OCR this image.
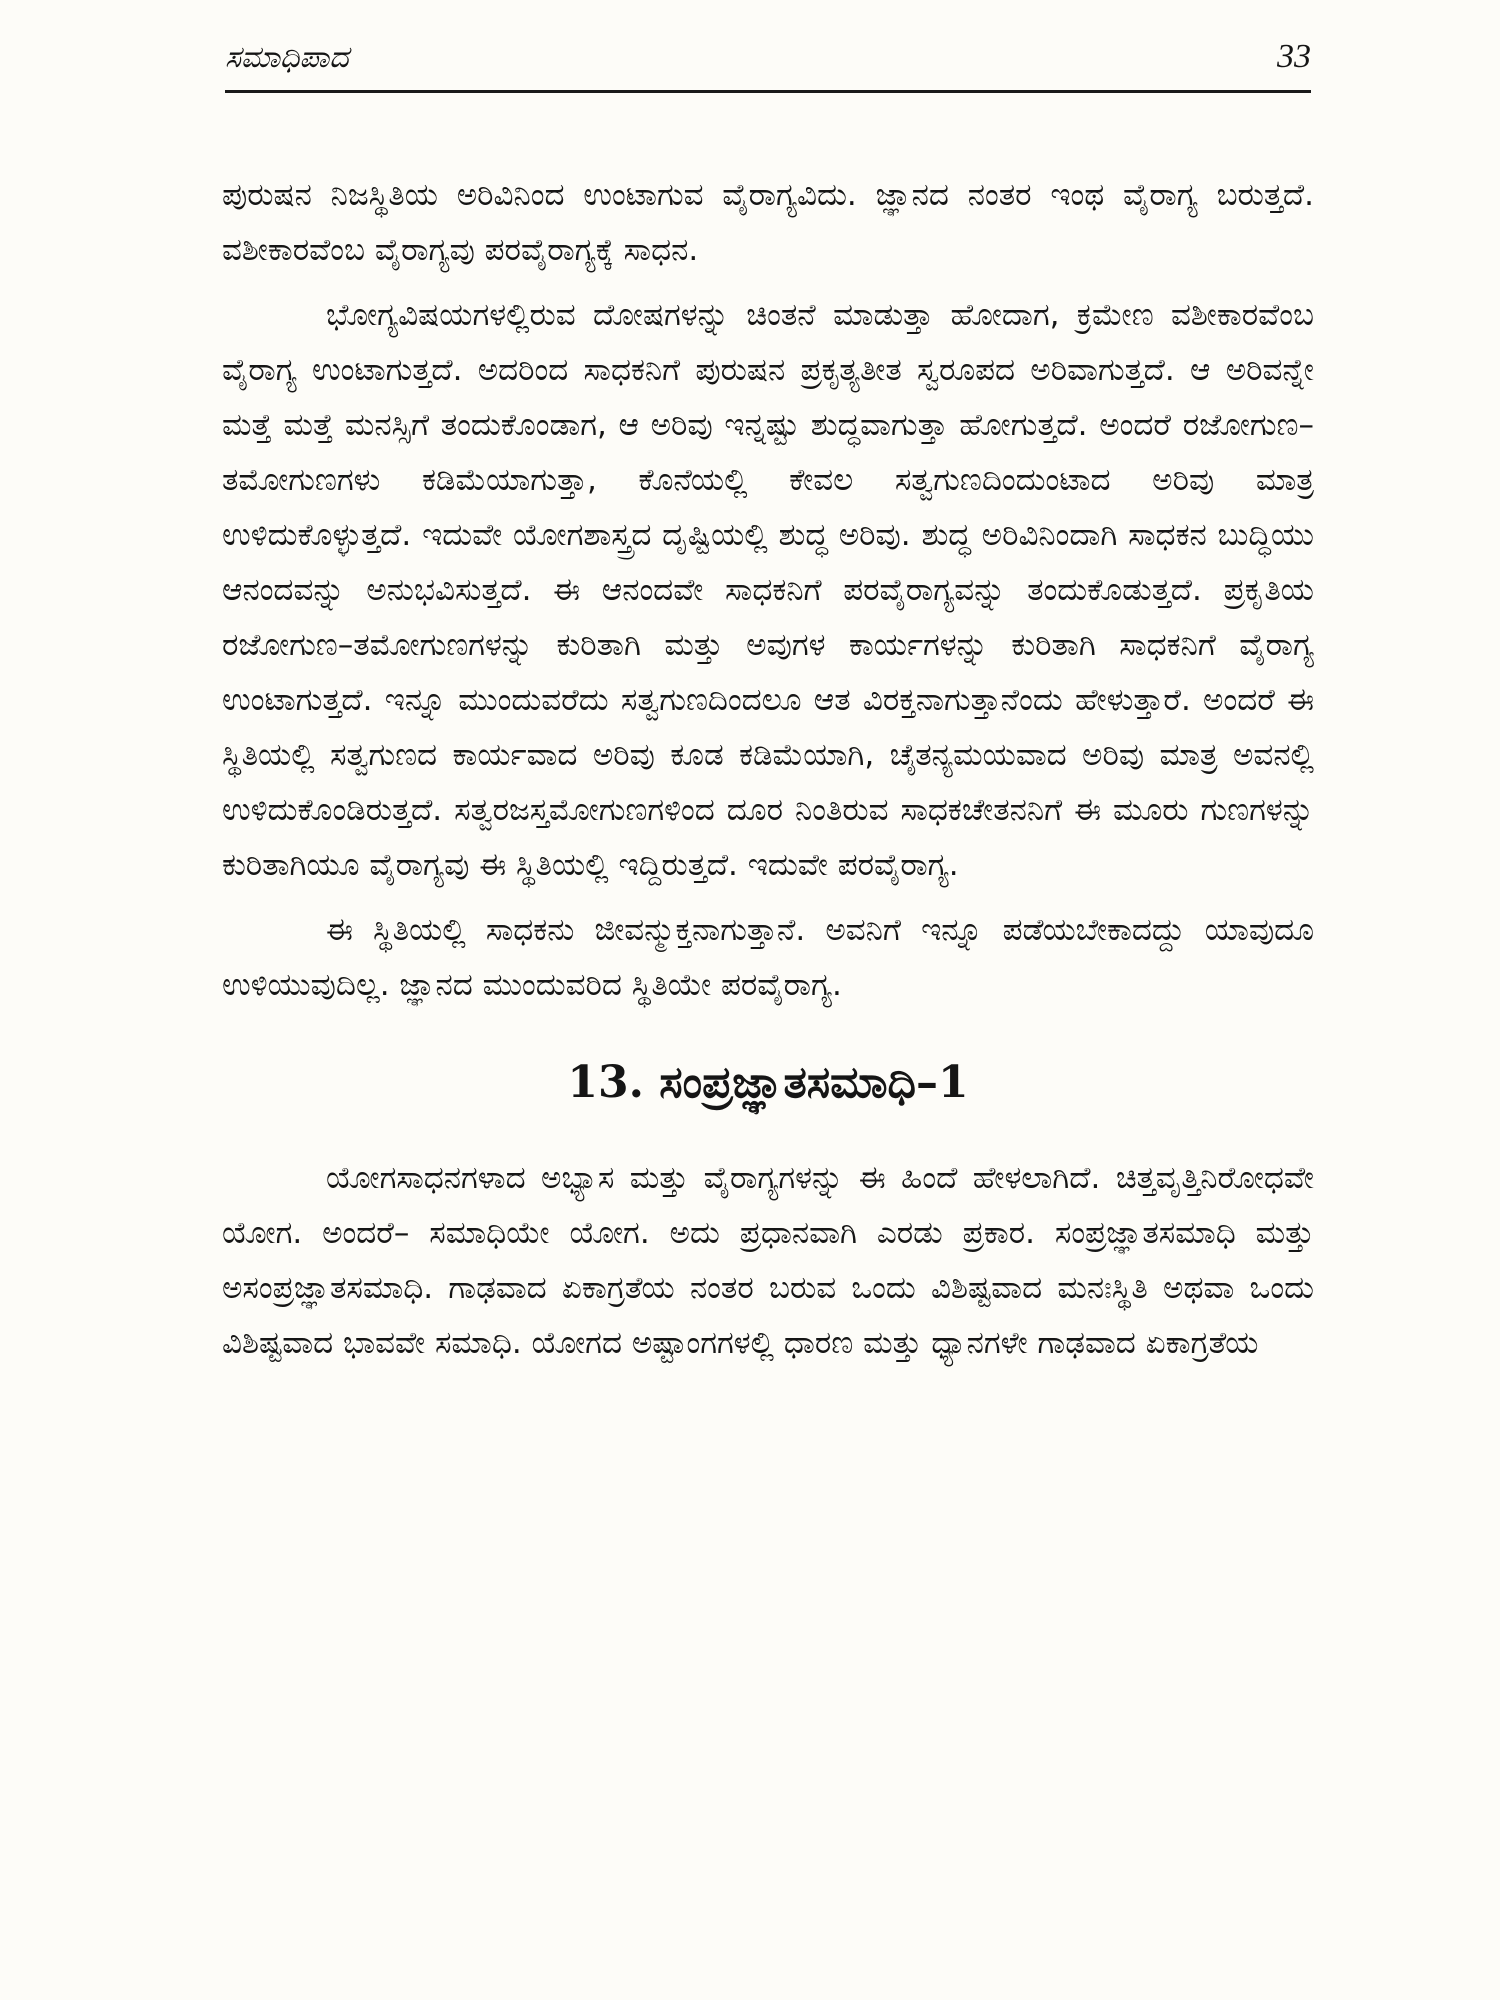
ಸಮಾಧಿಪಾದ	33

ಪುರುಷನ ನಿಜಸ್ಥಿತಿಯ ಅರಿವಿನಿಂದ ಉಂಟಾಗುವ ವೈರಾಗ್ಯವಿದು. ಜ್ಞಾನದ ನಂತರ ಇಂಥ ವೈರಾಗ್ಯ ಬರುತ್ತದೆ. ವಶೀಕಾರವೆಂಬ ವೈರಾಗ್ಯವು ಪರವೈರಾಗ್ಯಕ್ಕೆ ಸಾಧನ.

ಭೋಗ್ಯವಿಷಯಗಳಲ್ಲಿರುವ ದೋಷಗಳನ್ನು ಚಿಂತನೆ ಮಾಡುತ್ತಾ ಹೋದಾಗ, ಕ್ರಮೇಣ ವಶೀಕಾರವೆಂಬ ವೈರಾಗ್ಯ ಉಂಟಾಗುತ್ತದೆ. ಅದರಿಂದ ಸಾಧಕನಿಗೆ ಪುರುಷನ ಪ್ರಕೃತ್ಯತೀತ ಸ್ವರೂಪದ ಅರಿವಾಗುತ್ತದೆ. ಆ ಅರಿವನ್ನೇ ಮತ್ತೆ ಮತ್ತೆ ಮನಸ್ಸಿಗೆ ತಂದುಕೊಂಡಾಗ, ಆ ಅರಿವು ಇನ್ನಷ್ಟು ಶುದ್ಧವಾಗುತ್ತಾ ಹೋಗುತ್ತದೆ. ಅಂದರೆ ರಜೋಗುಣ–ತಮೋಗುಣಗಳು ಕಡಿಮೆಯಾಗುತ್ತಾ, ಕೊನೆಯಲ್ಲಿ ಕೇವಲ ಸತ್ವಗುಣದಿಂದುಂಟಾದ ಅರಿವು ಮಾತ್ರ ಉಳಿದುಕೊಳ್ಳುತ್ತದೆ. ಇದುವೇ ಯೋಗಶಾಸ್ತ್ರದ ದೃಷ್ಟಿಯಲ್ಲಿ ಶುದ್ಧ ಅರಿವು. ಶುದ್ಧ ಅರಿವಿನಿಂದಾಗಿ ಸಾಧಕನ ಬುದ್ಧಿಯು ಆನಂದವನ್ನು ಅನುಭವಿಸುತ್ತದೆ. ಈ ಆನಂದವೇ ಸಾಧಕನಿಗೆ ಪರವೈರಾಗ್ಯವನ್ನು ತಂದುಕೊಡುತ್ತದೆ. ಪ್ರಕೃತಿಯ ರಜೋಗುಣ–ತಮೋಗುಣಗಳನ್ನು ಕುರಿತಾಗಿ ಮತ್ತು ಅವುಗಳ ಕಾರ್ಯಗಳನ್ನು ಕುರಿತಾಗಿ ಸಾಧಕನಿಗೆ ವೈರಾಗ್ಯ ಉಂಟಾಗುತ್ತದೆ. ಇನ್ನೂ ಮುಂದುವರೆದು ಸತ್ವಗುಣದಿಂದಲೂ ಆತ ವಿರಕ್ತನಾಗುತ್ತಾನೆಂದು ಹೇಳುತ್ತಾರೆ. ಅಂದರೆ ಈ ಸ್ಥಿತಿಯಲ್ಲಿ ಸತ್ವಗುಣದ ಕಾರ್ಯವಾದ ಅರಿವು ಕೂಡ ಕಡಿಮೆಯಾಗಿ, ಚೈತನ್ಯಮಯವಾದ ಅರಿವು ಮಾತ್ರ ಅವನಲ್ಲಿ ಉಳಿದುಕೊಂಡಿರುತ್ತದೆ. ಸತ್ವರಜಸ್ತಮೋಗುಣಗಳಿಂದ ದೂರ ನಿಂತಿರುವ ಸಾಧಕಚೇತನನಿಗೆ ಈ ಮೂರು ಗುಣಗಳನ್ನು ಕುರಿತಾಗಿಯೂ ವೈರಾಗ್ಯವು ಈ ಸ್ಥಿತಿಯಲ್ಲಿ ಇದ್ದಿರುತ್ತದೆ. ಇದುವೇ ಪರವೈರಾಗ್ಯ.

ಈ ಸ್ಥಿತಿಯಲ್ಲಿ ಸಾಧಕನು ಜೀವನ್ಮುಕ್ತನಾಗುತ್ತಾನೆ. ಅವನಿಗೆ ಇನ್ನೂ ಪಡೆಯಬೇಕಾದದ್ದು ಯಾವುದೂ ಉಳಿಯುವುದಿಲ್ಲ. ಜ್ಞಾನದ ಮುಂದುವರಿದ ಸ್ಥಿತಿಯೇ ಪರವೈರಾಗ್ಯ.

13. ಸಂಪ್ರಜ್ಞಾತಸಮಾಧಿ–1

ಯೋಗಸಾಧನಗಳಾದ ಅಭ್ಯಾಸ ಮತ್ತು ವೈರಾಗ್ಯಗಳನ್ನು ಈ ಹಿಂದೆ ಹೇಳಲಾಗಿದೆ. ಚಿತ್ತವೃತ್ತಿನಿರೋಧವೇ ಯೋಗ. ಅಂದರೆ– ಸಮಾಧಿಯೇ ಯೋಗ. ಅದು ಪ್ರಧಾನವಾಗಿ ಎರಡು ಪ್ರಕಾರ. ಸಂಪ್ರಜ್ಞಾತಸಮಾಧಿ ಮತ್ತು ಅಸಂಪ್ರಜ್ಞಾತಸಮಾಧಿ. ಗಾಢವಾದ ಏಕಾಗ್ರತೆಯ ನಂತರ ಬರುವ ಒಂದು ವಿಶಿಷ್ಟವಾದ ಮನಃಸ್ಥಿತಿ ಅಥವಾ ಒಂದು ವಿಶಿಷ್ಟವಾದ ಭಾವವೇ ಸಮಾಧಿ. ಯೋಗದ ಅಷ್ಟಾಂಗಗಳಲ್ಲಿ ಧಾರಣ ಮತ್ತು ಧ್ಯಾನಗಳೇ ಗಾಢವಾದ ಏಕಾಗ್ರತೆಯ
